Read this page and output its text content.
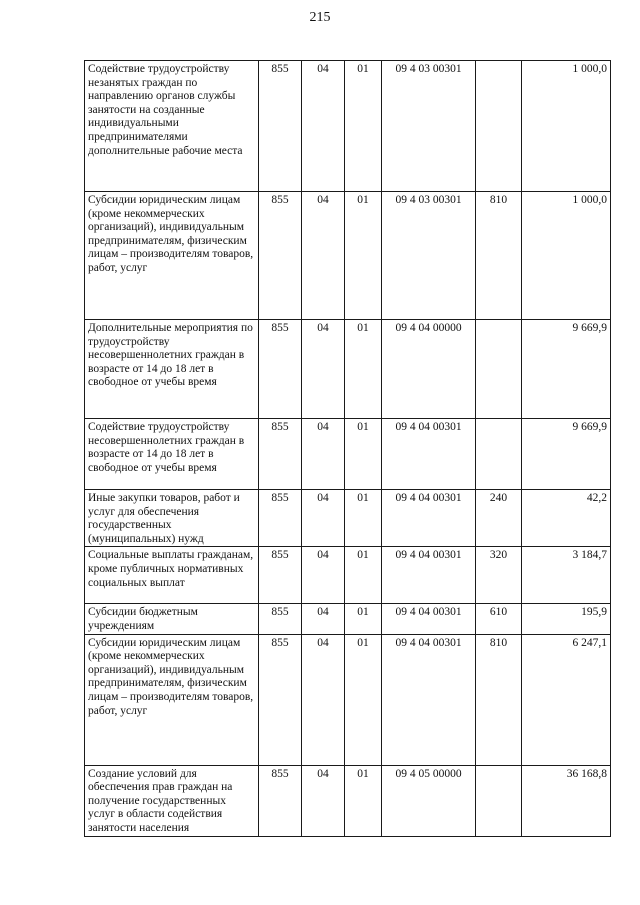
215
Содействие трудоустройству незанятых граждан по направлению органов службы занятости на созданные индивидуальными предпринимателями дополнительные рабочие места	855	04	01	09 4 03 00301		1 000,0
Субсидии юридическим лицам (кроме некоммерческих организаций), индивидуальным предпринимателям, физическим лицам – производителям товаров, работ, услуг	855	04	01	09 4 03 00301	810	1 000,0
Дополнительные мероприятия по трудоустройству несовершеннолетних граждан в возрасте от 14 до 18 лет в свободное от учебы время	855	04	01	09 4 04 00000		9 669,9
Содействие трудоустройству несовершеннолетних граждан в возрасте от 14 до 18 лет в свободное от учебы время	855	04	01	09 4 04 00301		9 669,9
Иные закупки товаров, работ и услуг для обеспечения государственных (муниципальных) нужд	855	04	01	09 4 04 00301	240	42,2
Социальные выплаты гражданам, кроме публичных нормативных социальных выплат	855	04	01	09 4 04 00301	320	3 184,7
Субсидии бюджетным учреждениям	855	04	01	09 4 04 00301	610	195,9
Субсидии юридическим лицам (кроме некоммерческих организаций), индивидуальным предпринимателям, физическим лицам – производителям товаров, работ, услуг	855	04	01	09 4 04 00301	810	6 247,1
Создание условий для обеспечения прав граждан на получение государственных услуг в области содействия занятости населения	855	04	01	09 4 05 00000		36 168,8
